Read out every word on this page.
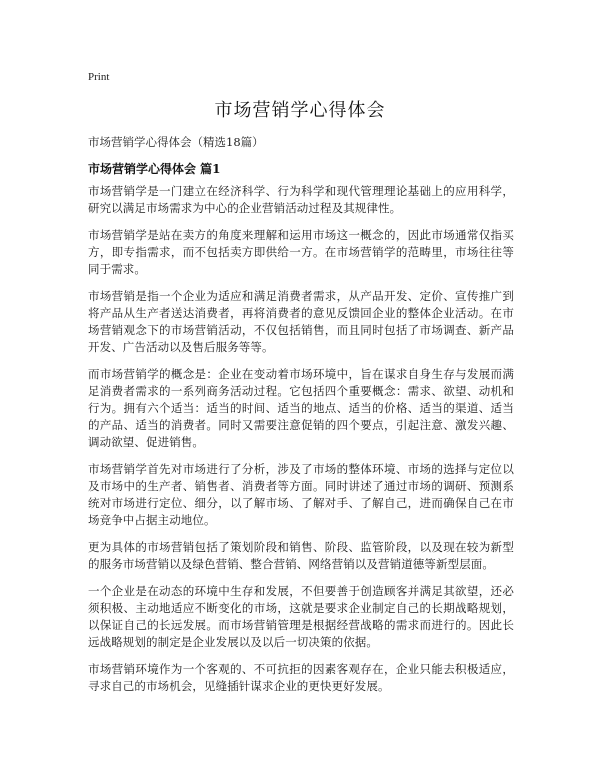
Print
市场营销学心得体会
市场营销学心得体会（精选18篇）
市场营销学心得体会 篇1

市场营销学是一门建立在经济科学、行为科学和现代管理理论基础上的应用科学，研究以满足市场需求为中心的企业营销活动过程及其规律性。

市场营销学是站在卖方的角度来理解和运用市场这一概念的，因此市场通常仅指买方，即专指需求，而不包括卖方即供给一方。在市场营销学的范畴里，市场往往等同于需求。

市场营销是指一个企业为适应和满足消费者需求，从产品开发、定价、宣传推广到将产品从生产者送达消费者，再将消费者的意见反馈回企业的整体企业活动。在市场营销观念下的市场营销活动，不仅包括销售，而且同时包括了市场调查、新产品开发、广告活动以及售后服务等等。

而市场营销学的概念是：企业在变动着市场环境中，旨在谋求自身生存与发展而满足消费者需求的一系列商务活动过程。它包括四个重要概念：需求、欲望、动机和行为。拥有六个适当：适当的时间、适当的地点、适当的价格、适当的渠道、适当的产品、适当的消费者。同时又需要注意促销的四个要点，引起注意、激发兴趣、调动欲望、促进销售。

市场营销学首先对市场进行了分析，涉及了市场的整体环境、市场的选择与定位以及市场中的生产者、销售者、消费者等方面。同时讲述了通过市场的调研、预测系统对市场进行定位、细分，以了解市场、了解对手、了解自己，进而确保自己在市场竞争中占据主动地位。

更为具体的市场营销包括了策划阶段和销售、阶段、监管阶段，以及现在较为新型的服务市场营销以及绿色营销、整合营销、网络营销以及营销道德等新型层面。

一个企业是在动态的环境中生存和发展，不但要善于创造顾客并满足其欲望，还必须积极、主动地适应不断变化的市场，这就是要求企业制定自己的长期战略规划，以保证自己的长远发展。而市场营销管理是根据经营战略的需求而进行的。因此长远战略规划的制定是企业发展以及以后一切决策的依据。

市场营销环境作为一个客观的、不可抗拒的因素客观存在，企业只能去积极适应，寻求自己的市场机会，见缝插针谋求企业的更快更好发展。
